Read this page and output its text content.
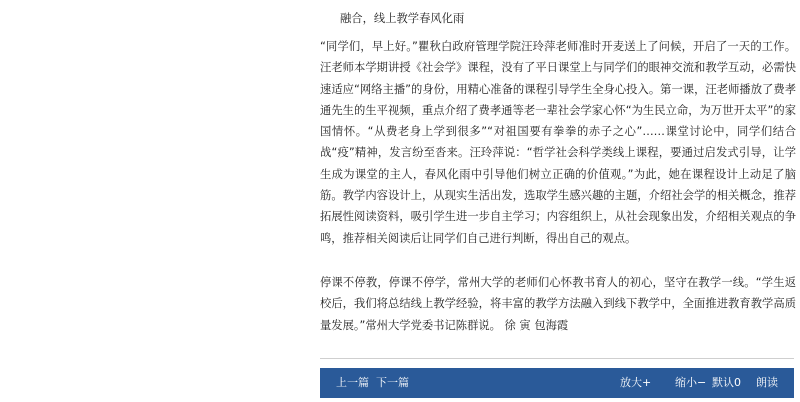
融合，线上教学春风化雨

“同学们，早上好。”瞿秋白政府管理学院汪玲萍老师准时开麦送上了问候，开启了一天的工作。汪老师本学期讲授《社会学》课程，没有了平日课堂上与同学们的眼神交流和教学互动，必需快速适应“网络主播”的身份，用精心准备的课程引导学生全身心投入。第一课，汪老师播放了费孝通先生的生平视频，重点介绍了费孝通等老一辈社会学家心怀“为生民立命，为万世开太平”的家国情怀。“从费老身上学到很多”“对祖国要有拳拳的赤子之心”……课堂讨论中，同学们结合战“疫”精神，发言纷至沓来。汪玲萍说：“哲学社会科学类线上课程，要通过启发式引导，让学生成为课堂的主人，春风化雨中引导他们树立正确的价值观。”为此，她在课程设计上动足了脑筋。教学内容设计上，从现实生活出发，选取学生感兴趣的主题，介绍社会学的相关概念，推荐拓展性阅读资料，吸引学生进一步自主学习；内容组织上，从社会现象出发，介绍相关观点的争鸣，推荐相关阅读后让同学们自己进行判断，得出自己的观点。

停课不停教，停课不停学，常州大学的老师们心怀教书育人的初心，坚守在教学一线。“学生返校后，我们将总结线上教学经验，将丰富的教学方法融入到线下教学中，全面推进教育教学高质量发展。”常州大学党委书记陈群说。 徐 寅 包海霞

上一篇 下一篇	放大+ 缩小− 默认0 朗读
